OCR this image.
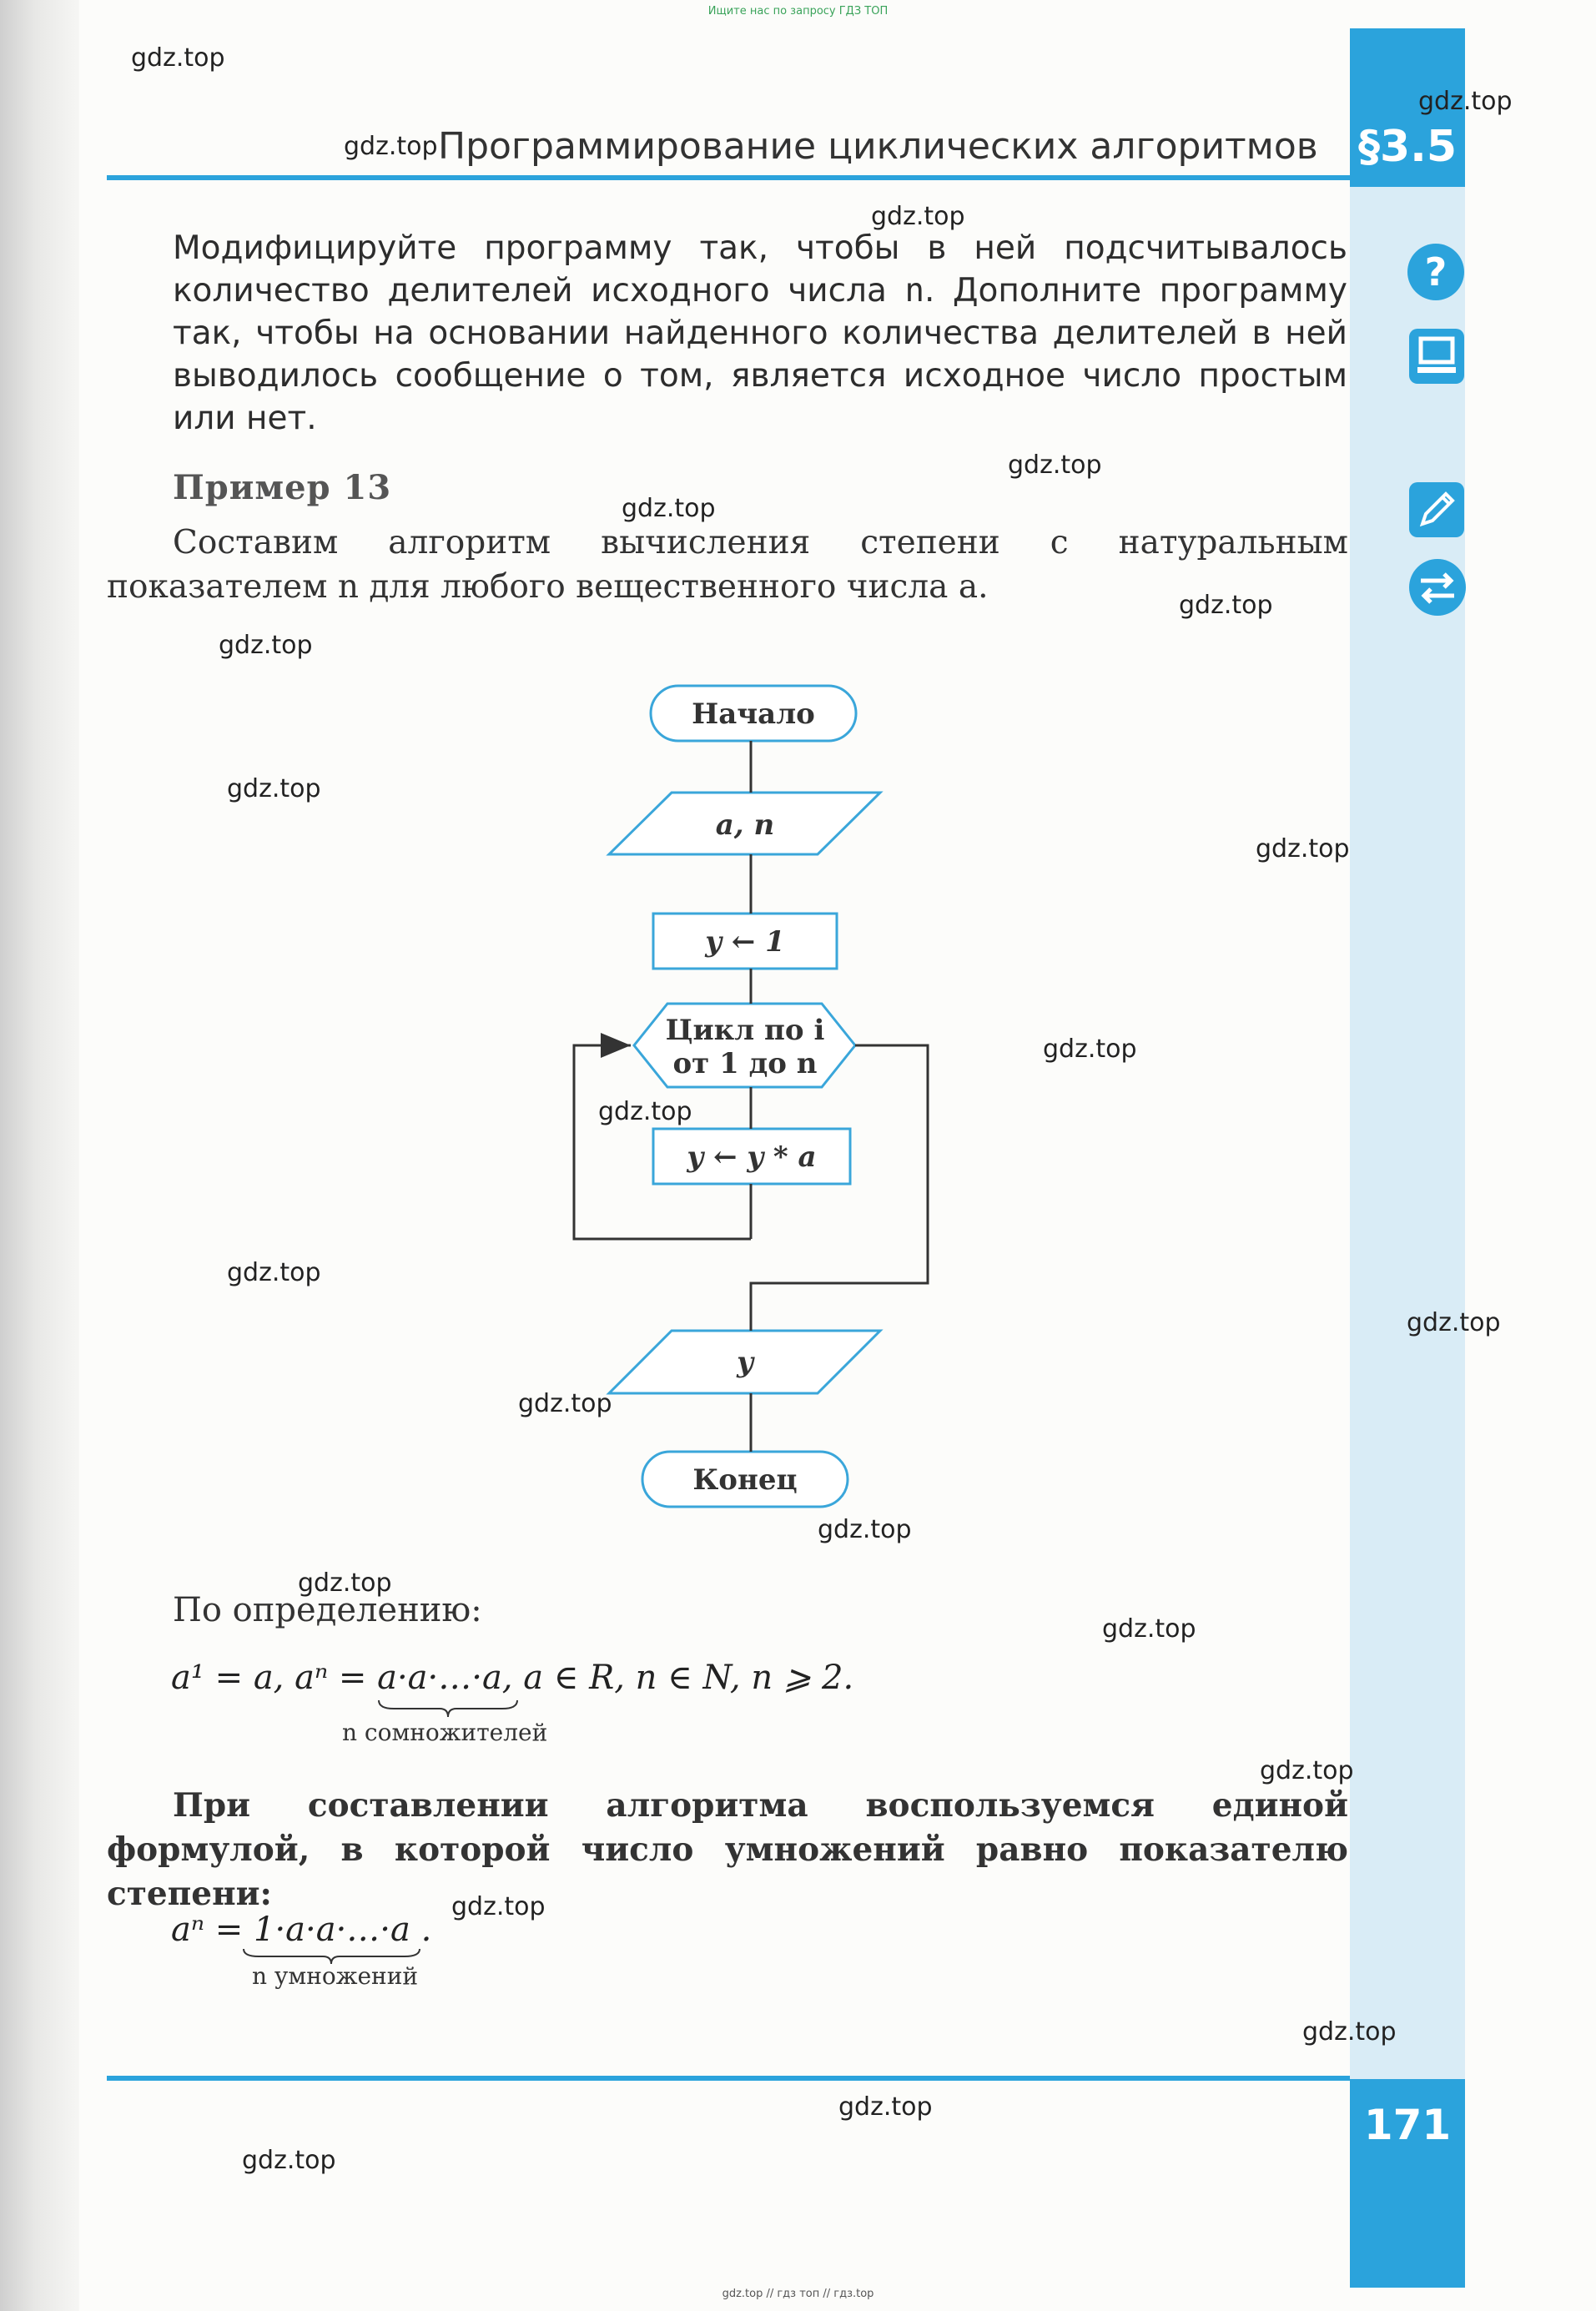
Ищите нас по запросу ГДЗ ТОП
Программирование циклических алгоритмов §3.5
?
Модифицируйте программу так, чтобы в ней подсчитывалось количество делителей исходного числа n. Дополните программу так, чтобы на основании найденного количества делителей в ней выводилось сообщение о том, является исходное число простым или нет.
Пример 13
Составим алгоритм вычисления степени с натуральным показателем n для любого вещественного числа a.
Начало
a, n
y ← 1
Цикл по i
от 1 до n
y ← y * a
y
Конец
По определению:
a¹ = a, aⁿ = a·a·…·a, a ∈ R, n ∈ N, n ⩾ 2.
n сомножителей
При составлении алгоритма воспользуемся единой формулой, в которой число умножений равно показателю степени:
aⁿ = 1·a·a·…·a .
n умножений
171
gdz.top // гдз топ // гдз.top
gdz.top
gdz.top
gdz.top
gdz.top
gdz.top
gdz.top
gdz.top
gdz.top
gdz.top
gdz.top
gdz.top
gdz.top
gdz.top
gdz.top
gdz.top
gdz.top
gdz.top
gdz.top
gdz.top
gdz.top
gdz.top
gdz.top
gdz.top
